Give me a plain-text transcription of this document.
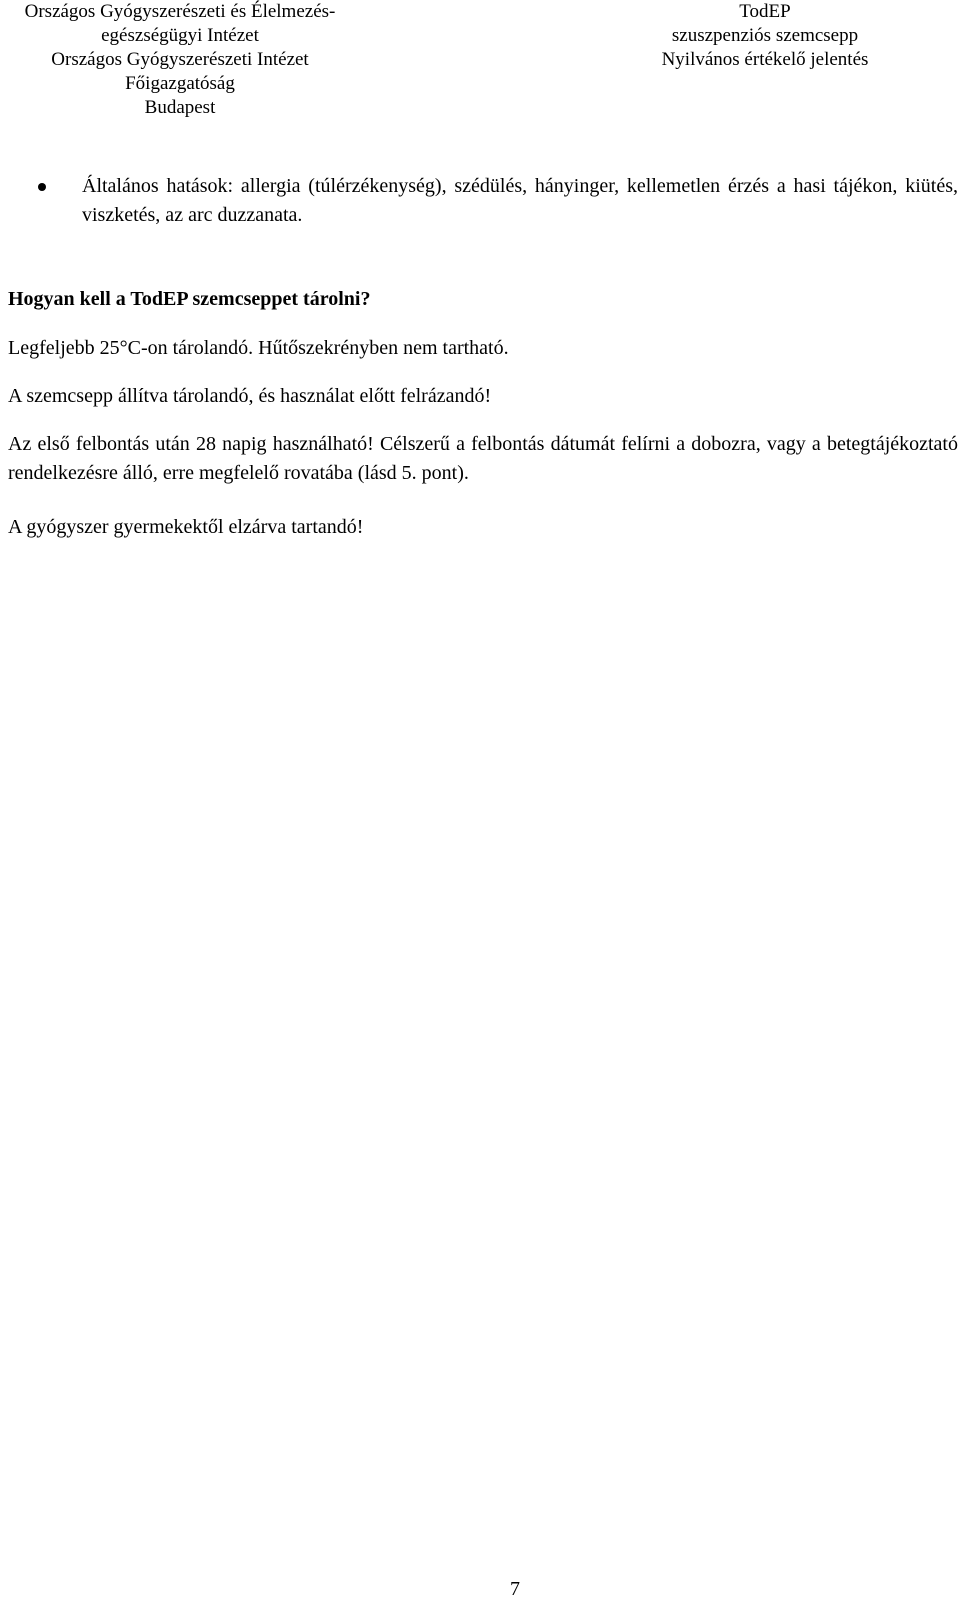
Országos Gyógyszerészeti és Élelmezés-
egészségügyi Intézet
Országos Gyógyszerészeti Intézet
Főigazgatóság
Budapest
TodEP
szuszpenziós szemcsepp
Nyilvános értékelő jelentés
Általános hatások: allergia (túlérzékenység), szédülés, hányinger, kellemetlen érzés a hasi tájékon, kiütés, viszketés, az arc duzzanata.
Hogyan kell a TodEP szemcseppet tárolni?
Legfeljebb 25°C-on tárolandó. Hűtőszekrényben nem tartható.
A szemcsepp állítva tárolandó, és használat előtt felrázandó!
Az első felbontás után 28 napig használható! Célszerű a felbontás dátumát felírni a dobozra, vagy a betegtájékoztató rendelkezésre álló, erre megfelelő rovatába (lásd 5. pont).
A gyógyszer gyermekektől elzárva tartandó!
7
